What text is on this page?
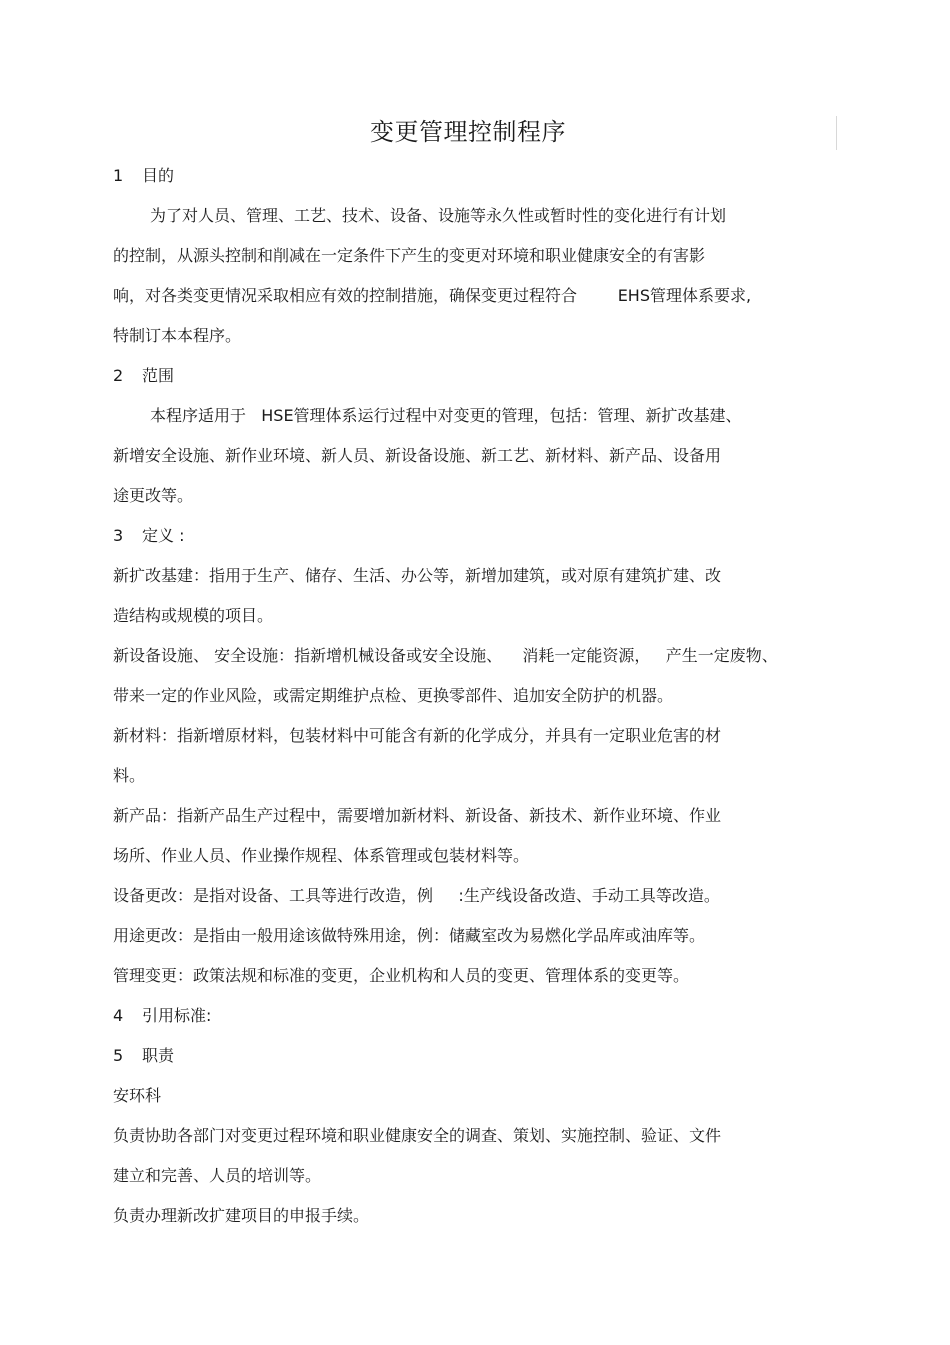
变更管理控制程序
1 目的
为了对人员、管理、工艺、技术、设备、设施等永久性或暂时性的变化进行有计划
的控制，从源头控制和削减在一定条件下产生的变更对环境和职业健康安全的有害影
响，对各类变更情况采取相应有效的控制措施，确保变更过程符合        EHS管理体系要求,
特制订本本程序。
2 范围
本程序适用于   HSE管理体系运行过程中对变更的管理，包括：管理、新扩改基建、
新增安全设施、新作业环境、新人员、新设备设施、新工艺、新材料、新产品、设备用
途更改等。
3 定义 :
新扩改基建：指用于生产、储存、生活、办公等，新增加建筑，或对原有建筑扩建、改
造结构或规模的项目。
新设备设施、 安全设施：指新增机械设备或安全设施、    消耗一定能资源，   产生一定废物、
带来一定的作业风险，或需定期维护点检、更换零部件、追加安全防护的机器。
新材料：指新增原材料，包装材料中可能含有新的化学成分，并具有一定职业危害的材
料。
新产品：指新产品生产过程中，需要增加新材料、新设备、新技术、新作业环境、作业
场所、作业人员、作业操作规程、体系管理或包装材料等。
设备更改：是指对设备、工具等进行改造，例     :生产线设备改造、手动工具等改造。
用途更改：是指由一般用途该做特殊用途，例：储藏室改为易燃化学品库或油库等。
管理变更：政策法规和标准的变更，企业机构和人员的变更、管理体系的变更等。
4 引用标准:
5 职责
安环科
负责协助各部门对变更过程环境和职业健康安全的调查、策划、实施控制、验证、文件
建立和完善、人员的培训等。
负责办理新改扩建项目的申报手续。
